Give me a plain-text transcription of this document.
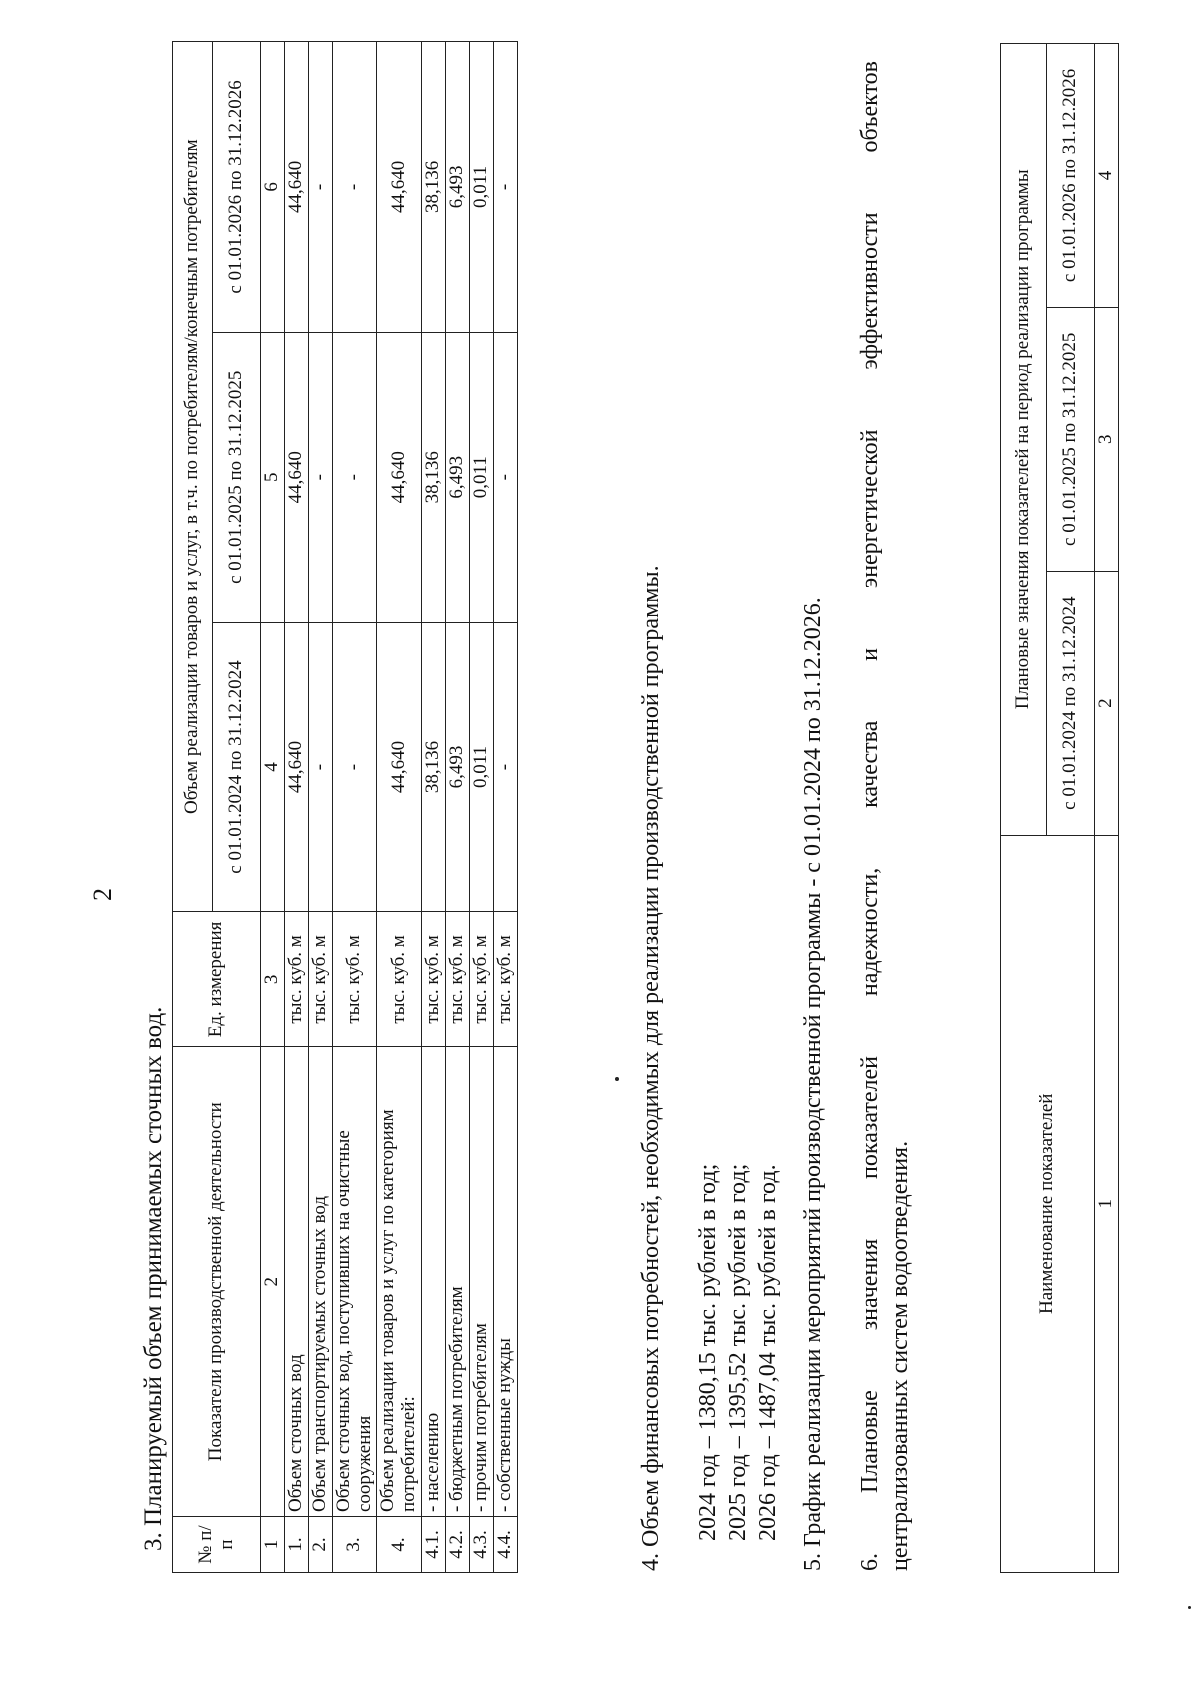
2
3. Планируемый объем принимаемых сточных вод. № п/п	Показатели производственной деятельности	Ед. измерения	Объем реализации товаров и услуг, в т.ч. по потребителям/конечным потребителям		
			с 01.01.2024 по 31.12.2024	с 01.01.2025 по 31.12.2025	с 01.01.2026 по 31.12.2026
1	2	3	4	5	6
1.	Объем сточных вод	тыс. куб. м	44,640	44,640	44,640
2.	Объем транспортируемых сточных вод	тыс. куб. м	-	-	-
3.	Объем сточных вод, поступивших на очистные сооружения	тыс. куб. м	-	-	-
4.	Объем реализации товаров и услуг по категориям потребителей:	тыс. куб. м	44,640	44,640	44,640
4.1.	- населению	тыс. куб. м	38,136	38,136	38,136
4.2.	- бюджетным потребителям	тыс. куб. м	6,493	6,493	6,493
4.3.	- прочим потребителям	тыс. куб. м	0,011	0,011	0,011
4.4.	- собственные нужды	тыс. куб. м	-	-	-
4. Объем финансовых потребностей, необходимых для реализации производственной программы. 2024 год – 1380,15 тыс. рублей в год; 2025 год – 1395,52 тыс. рублей в год; 2026 год – 1487,04 тыс. рублей в год. 5. График реализации мероприятий производственной программы - с 01.01.2024 по 31.12.2026. 6.
Плановые
значения
показателей
надежности,
качества
и
энергетической
эффективности
объектов
централизованных систем водоотведения.	Наименование показателей	Плановые значения показателей на период реализации программы		
	с 01.01.2024 по 31.12.2024	с 01.01.2025 по 31.12.2025	с 01.01.2026 по 31.12.2026
1	2	3	4
